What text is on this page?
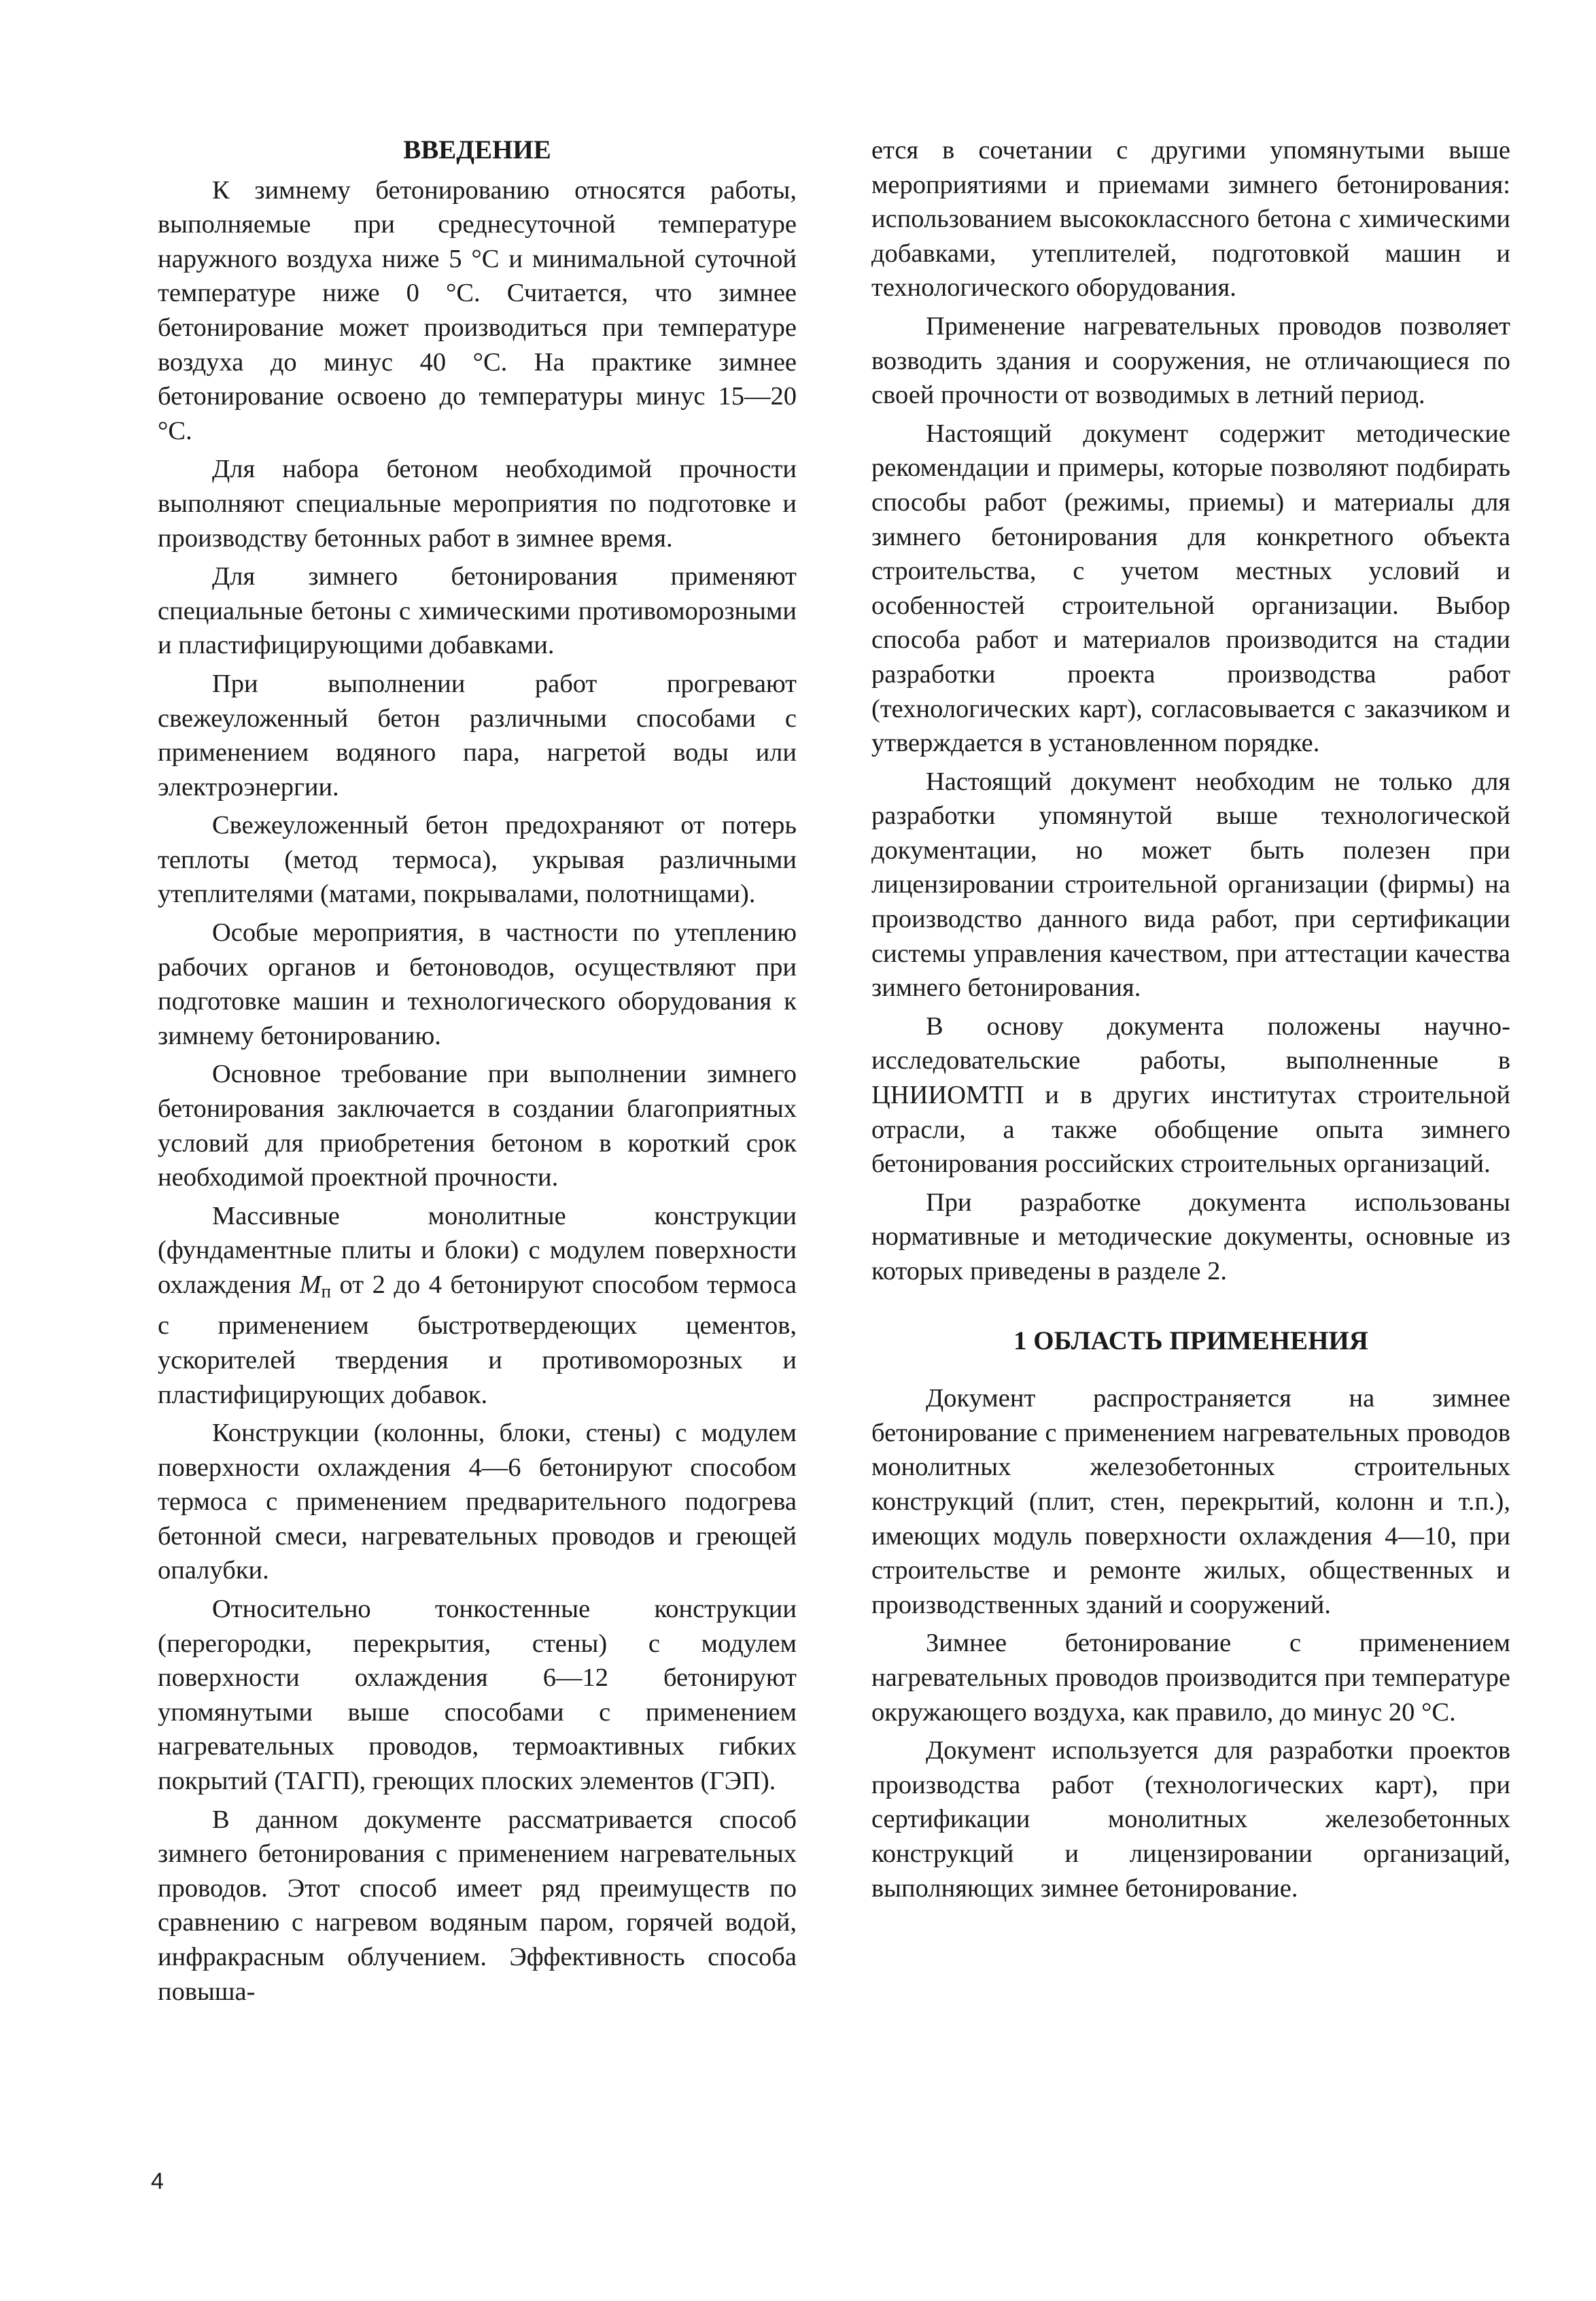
ВВЕДЕНИЕ

К зимнему бетонированию относятся работы, выполняемые при среднесуточной температуре наружного воздуха ниже 5 °С и минимальной суточной температуре ниже 0 °С. Считается, что зимнее бетонирование может производиться при температуре воздуха до минус 40 °С. На практике зимнее бетонирование освоено до температуры минус 15—20 °С.

Для набора бетоном необходимой прочности выполняют специальные мероприятия по подготовке и производству бетонных работ в зимнее время.

Для зимнего бетонирования применяют специальные бетоны с химическими противоморозными и пластифицирующими добавками.

При выполнении работ прогревают свежеуложенный бетон различными способами с применением водяного пара, нагретой воды или электроэнергии.

Свежеуложенный бетон предохраняют от потерь теплоты (метод термоса), укрывая различными утеплителями (матами, покрывалами, полотнищами).

Особые мероприятия, в частности по утеплению рабочих органов и бетоноводов, осуществляют при подготовке машин и технологического оборудования к зимнему бетонированию.

Основное требование при выполнении зимнего бетонирования заключается в создании благоприятных условий для приобретения бетоном в короткий срок необходимой проектной прочности.

Массивные монолитные конструкции (фундаментные плиты и блоки) с модулем поверхности охлаждения $М_п$ от 2 до 4 бетонируют способом термоса с применением быстротвердеющих цементов, ускорителей твердения и противоморозных и пластифицирующих добавок.

Конструкции (колонны, блоки, стены) с модулем поверхности охлаждения 4—6 бетонируют способом термоса с применением предварительного подогрева бетонной смеси, нагревательных проводов и греющей опалубки.

Относительно тонкостенные конструкции (перегородки, перекрытия, стены) с модулем поверхности охлаждения 6—12 бетонируют упомянутыми выше способами с применением нагревательных проводов, термоактивных гибких покрытий (ТАГП), греющих плоских элементов (ГЭП).

В данном документе рассматривается способ зимнего бетонирования с применением нагревательных проводов. Этот способ имеет ряд преимуществ по сравнению с нагревом водяным паром, горячей водой, инфракрасным облучением. Эффективность способа повыша-

ется в сочетании с другими упомянутыми выше мероприятиями и приемами зимнего бетонирования: использованием высококлассного бетона с химическими добавками, утеплителей, подготовкой машин и технологического оборудования.

Применение нагревательных проводов позволяет возводить здания и сооружения, не отличающиеся по своей прочности от возводимых в летний период.

Настоящий документ содержит методические рекомендации и примеры, которые позволяют подбирать способы работ (режимы, приемы) и материалы для зимнего бетонирования для конкретного объекта строительства, с учетом местных условий и особенностей строительной организации. Выбор способа работ и материалов производится на стадии разработки проекта производства работ (технологических карт), согласовывается с заказчиком и утверждается в установленном порядке.

Настоящий документ необходим не только для разработки упомянутой выше технологической документации, но может быть полезен при лицензировании строительной организации (фирмы) на производство данного вида работ, при сертификации системы управления качеством, при аттестации качества зимнего бетонирования.

В основу документа положены научно-исследовательские работы, выполненные в ЦНИИОМТП и в других институтах строительной отрасли, а также обобщение опыта зимнего бетонирования российских строительных организаций.

При разработке документа использованы нормативные и методические документы, основные из которых приведены в разделе 2.

1 ОБЛАСТЬ ПРИМЕНЕНИЯ

Документ распространяется на зимнее бетонирование с применением нагревательных проводов монолитных железобетонных строительных конструкций (плит, стен, перекрытий, колонн и т.п.), имеющих модуль поверхности охлаждения 4—10, при строительстве и ремонте жилых, общественных и производственных зданий и сооружений.

Зимнее бетонирование с применением нагревательных проводов производится при температуре окружающего воздуха, как правило, до минус 20 °С.

Документ используется для разработки проектов производства работ (технологических карт), при сертификации монолитных железобетонных конструкций и лицензировании организаций, выполняющих зимнее бетонирование.

4
